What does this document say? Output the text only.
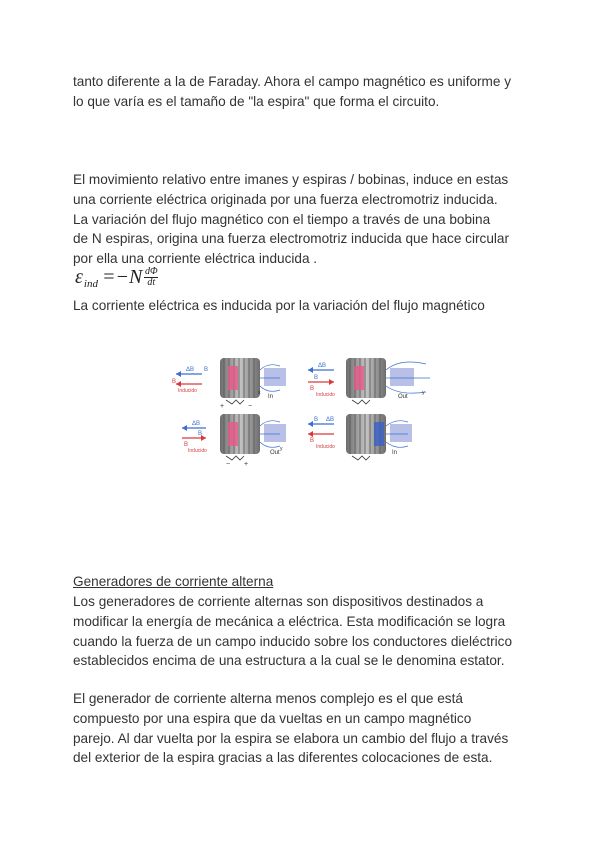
tanto diferente a la de Faraday. Ahora el campo magnético es uniforme y
lo que varía es el tamaño de "la espira" que forma el circuito.
El movimiento relativo entre imanes y espiras / bobinas, induce en estas
una corriente eléctrica originada por una fuerza electromotriz inducida.
La variación del flujo magnético con el tiempo a través de una bobina
de N espiras, origina una fuerza electromotriz inducida que hace circular
por ella una corriente eléctrica inducida .
ε ind =− N $\frac{d\Phi}{dt}$
La corriente eléctrica es inducida por la variación del flujo magnético
ΔB B
B
Inducido
In
x
+	−
ΔB
B
B
Inducido	Out
y
ΔB
B
B
Inducido	Out
y
− +
B ΔB
B
Inducido
In
Generadores de corriente alterna
Los generadores de corriente alternas son dispositivos destinados a
modificar la energía de mecánica a eléctrica. Esta modificación se logra
cuando la fuerza de un campo inducido sobre los conductores dieléctrico
establecidos encima de una estructura a la cual se le denomina estator.
El generador de corriente alterna menos complejo es el que está
compuesto por una espira que da vueltas en un campo magnético
parejo. Al dar vuelta por la espira se elabora un cambio del flujo a través
del exterior de la espira gracias a las diferentes colocaciones de esta.
